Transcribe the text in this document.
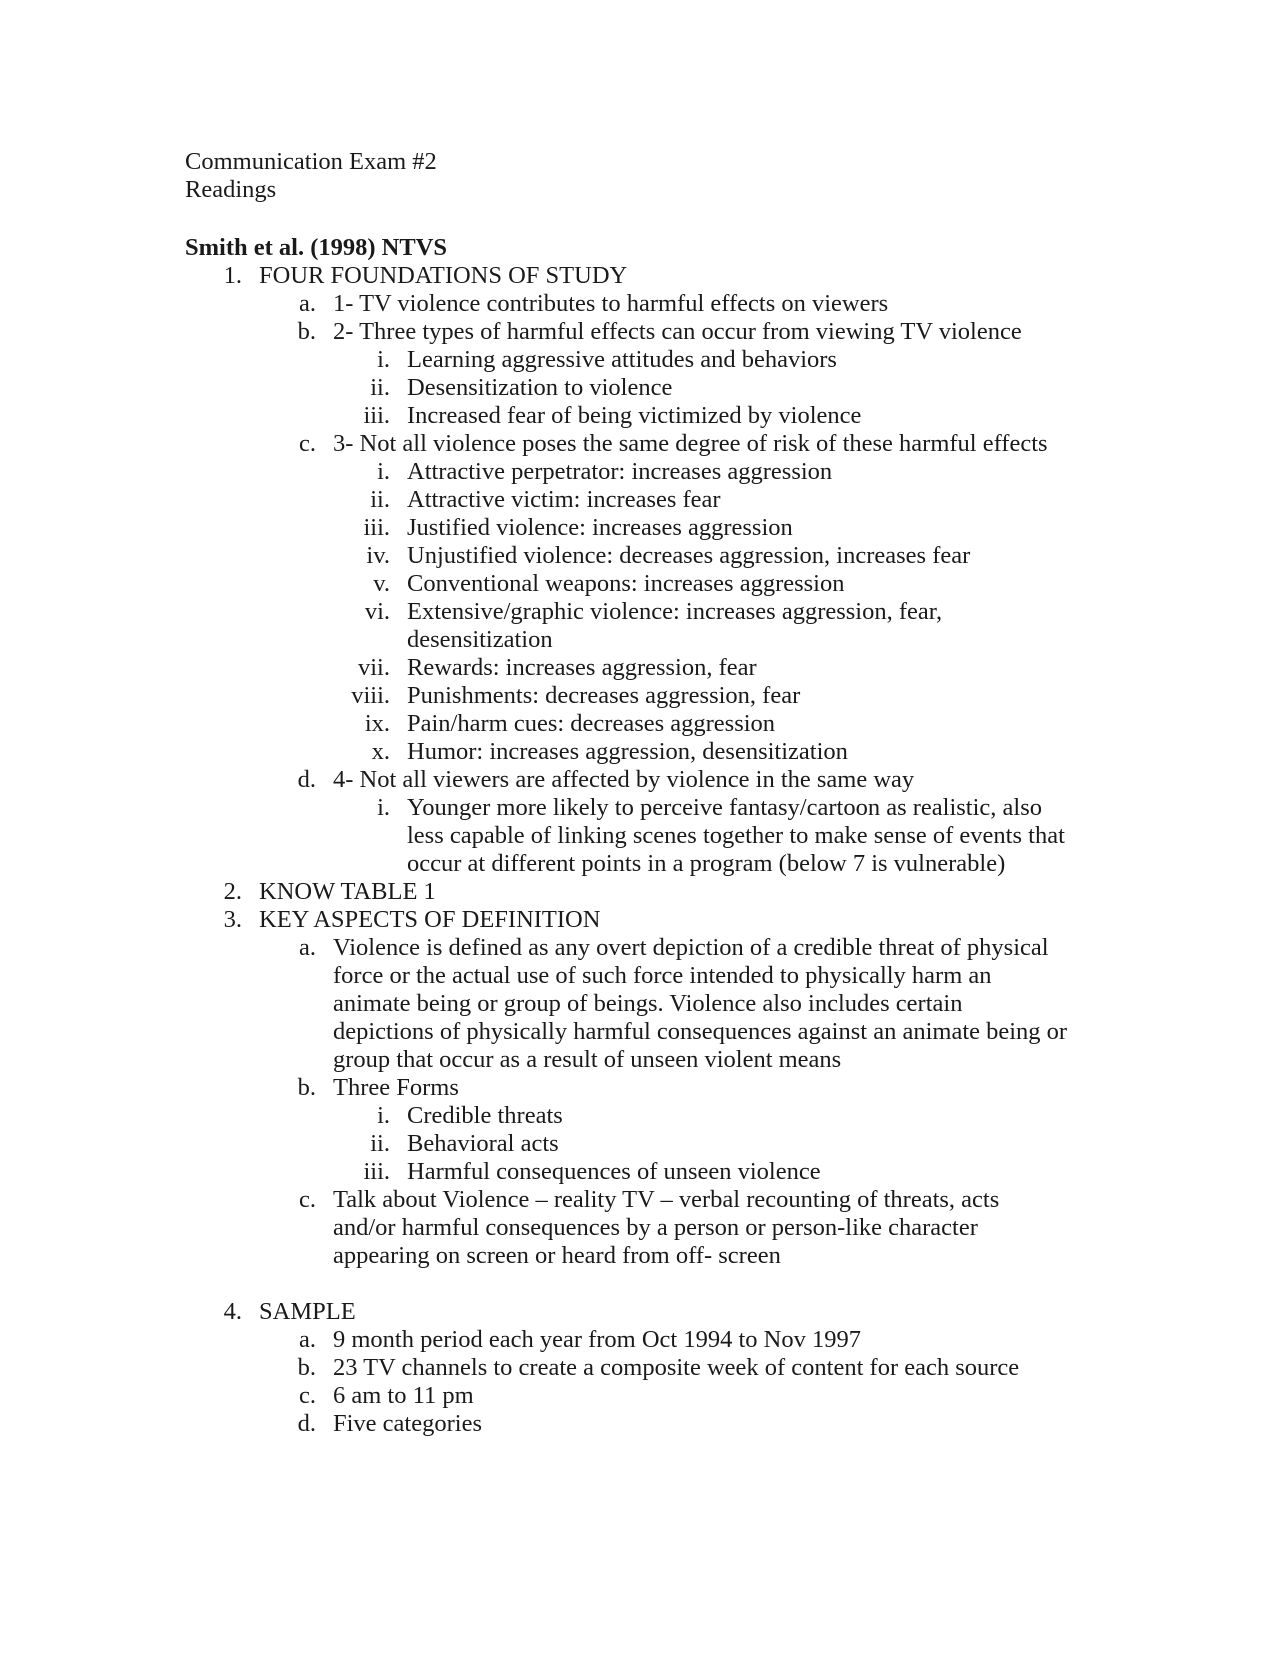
Communication Exam #2
Readings
Smith et al. (1998) NTVS
1. FOUR FOUNDATIONS OF STUDY
a. 1- TV violence contributes to harmful effects on viewers
b. 2- Three types of harmful effects can occur from viewing TV violence
i. Learning aggressive attitudes and behaviors
ii. Desensitization to violence
iii. Increased fear of being victimized by violence
c. 3- Not all violence poses the same degree of risk of these harmful effects
i. Attractive perpetrator: increases aggression
ii. Attractive victim: increases fear
iii. Justified violence: increases aggression
iv. Unjustified violence: decreases aggression, increases fear
v. Conventional weapons: increases aggression
vi. Extensive/graphic violence: increases aggression, fear,
desensitization
vii. Rewards: increases aggression, fear
viii. Punishments: decreases aggression, fear
ix. Pain/harm cues: decreases aggression
x. Humor: increases aggression, desensitization
d. 4- Not all viewers are affected by violence in the same way
i. Younger more likely to perceive fantasy/cartoon as realistic, also
less capable of linking scenes together to make sense of events that
occur at different points in a program (below 7 is vulnerable)
2. KNOW TABLE 1
3. KEY ASPECTS OF DEFINITION
a. Violence is defined as any overt depiction of a credible threat of physical
force or the actual use of such force intended to physically harm an
animate being or group of beings. Violence also includes certain
depictions of physically harmful consequences against an animate being or
group that occur as a result of unseen violent means
b. Three Forms
i. Credible threats
ii. Behavioral acts
iii. Harmful consequences of unseen violence
c. Talk about Violence – reality TV – verbal recounting of threats, acts
and/or harmful consequences by a person or person-like character
appearing on screen or heard from off- screen
4. SAMPLE
a. 9 month period each year from Oct 1994 to Nov 1997
b. 23 TV channels to create a composite week of content for each source
c. 6 am to 11 pm
d. Five categories
